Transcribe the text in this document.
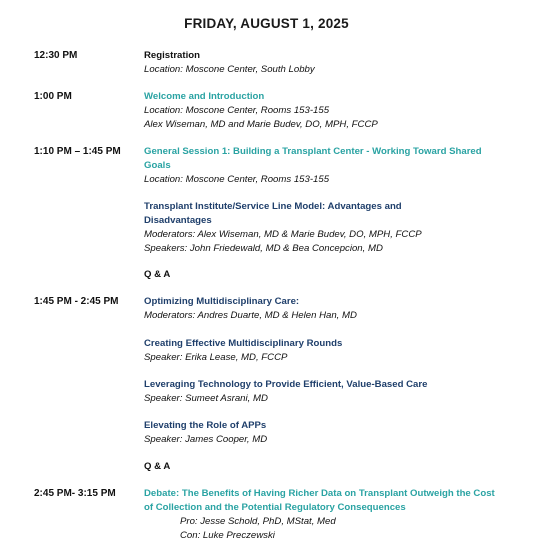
FRIDAY, AUGUST 1, 2025
12:30 PM	Registration
Location: Moscone Center, South Lobby
1:00 PM	Welcome and Introduction
Location: Moscone Center, Rooms 153-155
Alex Wiseman, MD and Marie Budev, DO, MPH, FCCP
1:10 PM – 1:45 PM General Session 1: Building a Transplant Center - Working Toward Shared Goals
Location: Moscone Center, Rooms 153-155
Transplant Institute/Service Line Model: Advantages and Disadvantages
Moderators: Alex Wiseman, MD & Marie Budev, DO, MPH, FCCP
Speakers: John Friedewald, MD & Bea Concepcion, MD
Q & A
1:45 PM - 2:45 PM	Optimizing Multidisciplinary Care:
Moderators: Andres Duarte, MD & Helen Han, MD
Creating Effective Multidisciplinary Rounds
Speaker: Erika Lease, MD, FCCP
Leveraging Technology to Provide Efficient, Value-Based Care
Speaker: Sumeet Asrani, MD
Elevating the Role of APPs
Speaker: James Cooper, MD
Q & A
2:45 PM- 3:15 PM	Debate: The Benefits of Having Richer Data on Transplant Outweigh the Cost of Collection and the Potential Regulatory Consequences
Pro: Jesse Schold, PhD, MStat, Med
Con: Luke Preczewski
